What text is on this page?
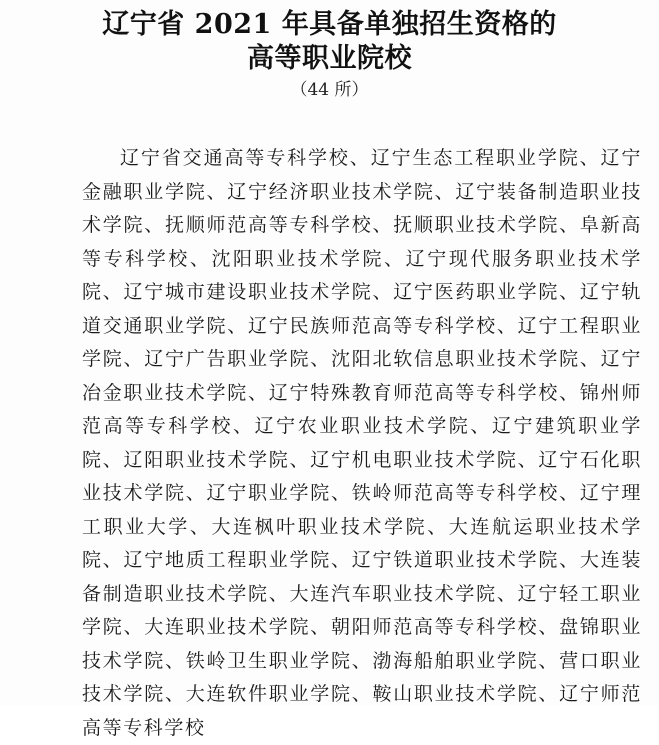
辽宁省 2021 年具备单独招生资格的
高等职业院校
（44 所）
辽宁省交通高等专科学校、辽宁生态工程职业学院、辽宁金融职业学院、辽宁经济职业技术学院、辽宁装备制造职业技术学院、抚顺师范高等专科学校、抚顺职业技术学院、阜新高等专科学校、沈阳职业技术学院、辽宁现代服务职业技术学院、辽宁城市建设职业技术学院、辽宁医药职业学院、辽宁轨道交通职业学院、辽宁民族师范高等专科学校、辽宁工程职业学院、辽宁广告职业学院、沈阳北软信息职业技术学院、辽宁冶金职业技术学院、辽宁特殊教育师范高等专科学校、锦州师范高等专科学校、辽宁农业职业技术学院、辽宁建筑职业学院、辽阳职业技术学院、辽宁机电职业技术学院、辽宁石化职业技术学院、辽宁职业学院、铁岭师范高等专科学校、辽宁理工职业大学、大连枫叶职业技术学院、大连航运职业技术学院、辽宁地质工程职业学院、辽宁铁道职业技术学院、大连装备制造职业技术学院、大连汽车职业技术学院、辽宁轻工职业学院、大连职业技术学院、朝阳师范高等专科学校、盘锦职业技术学院、铁岭卫生职业学院、渤海船舶职业学院、营口职业技术学院、大连软件职业学院、鞍山职业技术学院、辽宁师范高等专科学校
